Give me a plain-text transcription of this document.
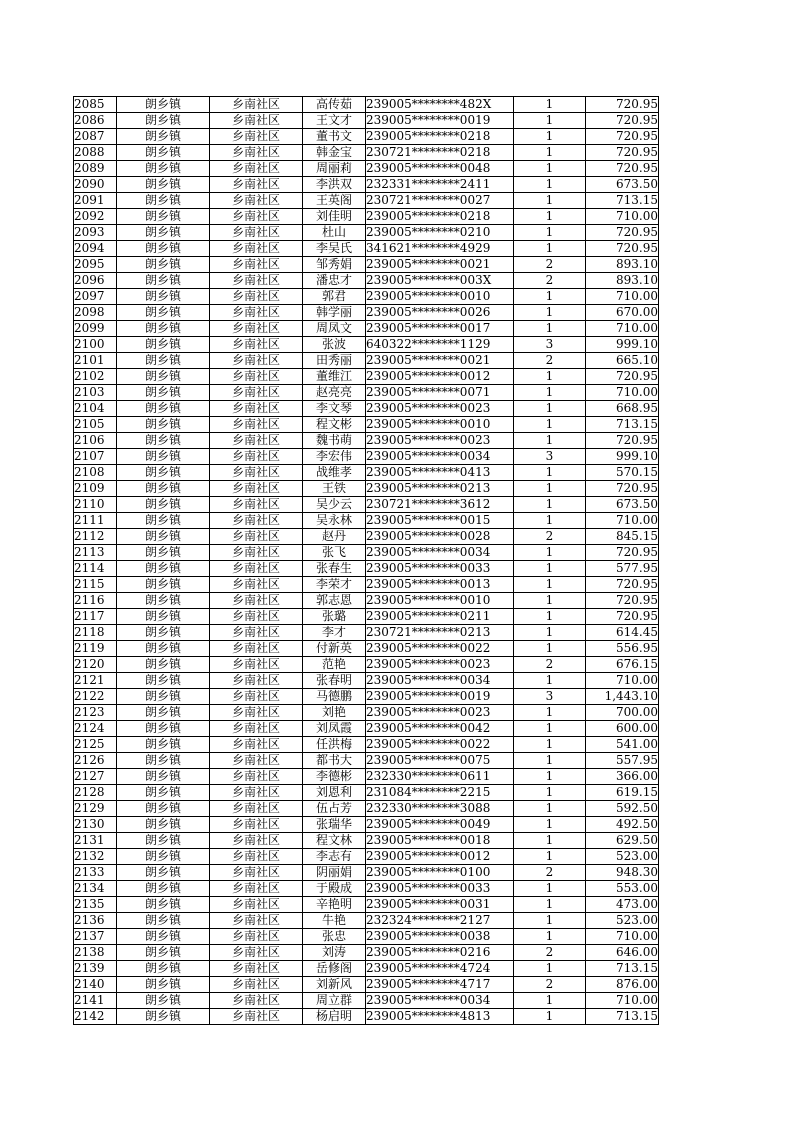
2085	朗乡镇	乡南社区	高传茹	239005********482X	1	720.95
2086	朗乡镇	乡南社区	王文才	239005********0019	1	720.95
2087	朗乡镇	乡南社区	董书文	239005********0218	1	720.95
2088	朗乡镇	乡南社区	韩金宝	230721********0218	1	720.95
2089	朗乡镇	乡南社区	周丽莉	239005********0048	1	720.95
2090	朗乡镇	乡南社区	李洪双	232331********2411	1	673.50
2091	朗乡镇	乡南社区	王英阁	230721********0027	1	713.15
2092	朗乡镇	乡南社区	刘佳明	239005********0218	1	710.00
2093	朗乡镇	乡南社区	杜山	239005********0210	1	720.95
2094	朗乡镇	乡南社区	李吴氏	341621********4929	1	720.95
2095	朗乡镇	乡南社区	邹秀娟	239005********0021	2	893.10
2096	朗乡镇	乡南社区	潘忠才	239005********003X	2	893.10
2097	朗乡镇	乡南社区	郭君	239005********0010	1	710.00
2098	朗乡镇	乡南社区	韩学丽	239005********0026	1	670.00
2099	朗乡镇	乡南社区	周凤文	239005********0017	1	710.00
2100	朗乡镇	乡南社区	张波	640322********1129	3	999.10
2101	朗乡镇	乡南社区	田秀丽	239005********0021	2	665.10
2102	朗乡镇	乡南社区	董维江	239005********0012	1	720.95
2103	朗乡镇	乡南社区	赵亮亮	239005********0071	1	710.00
2104	朗乡镇	乡南社区	李文琴	239005********0023	1	668.95
2105	朗乡镇	乡南社区	程文彬	239005********0010	1	713.15
2106	朗乡镇	乡南社区	魏书萌	239005********0023	1	720.95
2107	朗乡镇	乡南社区	李宏伟	239005********0034	3	999.10
2108	朗乡镇	乡南社区	战维孝	239005********0413	1	570.15
2109	朗乡镇	乡南社区	王铁	239005********0213	1	720.95
2110	朗乡镇	乡南社区	吴少云	230721********3612	1	673.50
2111	朗乡镇	乡南社区	吴永林	239005********0015	1	710.00
2112	朗乡镇	乡南社区	赵丹	239005********0028	2	845.15
2113	朗乡镇	乡南社区	张飞	239005********0034	1	720.95
2114	朗乡镇	乡南社区	张春生	239005********0033	1	577.95
2115	朗乡镇	乡南社区	李荣才	239005********0013	1	720.95
2116	朗乡镇	乡南社区	郭志恩	239005********0010	1	720.95
2117	朗乡镇	乡南社区	张璐	239005********0211	1	720.95
2118	朗乡镇	乡南社区	李才	230721********0213	1	614.45
2119	朗乡镇	乡南社区	付新英	239005********0022	1	556.95
2120	朗乡镇	乡南社区	范艳	239005********0023	2	676.15
2121	朗乡镇	乡南社区	张春明	239005********0034	1	710.00
2122	朗乡镇	乡南社区	马德鹏	239005********0019	3	1,443.10
2123	朗乡镇	乡南社区	刘艳	239005********0023	1	700.00
2124	朗乡镇	乡南社区	刘凤霞	239005********0042	1	600.00
2125	朗乡镇	乡南社区	任洪梅	239005********0022	1	541.00
2126	朗乡镇	乡南社区	都书大	239005********0075	1	557.95
2127	朗乡镇	乡南社区	李德彬	232330********0611	1	366.00
2128	朗乡镇	乡南社区	刘恩利	231084********2215	1	619.15
2129	朗乡镇	乡南社区	伍占芳	232330********3088	1	592.50
2130	朗乡镇	乡南社区	张瑞华	239005********0049	1	492.50
2131	朗乡镇	乡南社区	程文林	239005********0018	1	629.50
2132	朗乡镇	乡南社区	李志有	239005********0012	1	523.00
2133	朗乡镇	乡南社区	阴丽娟	239005********0100	2	948.30
2134	朗乡镇	乡南社区	于殿成	239005********0033	1	553.00
2135	朗乡镇	乡南社区	辛艳明	239005********0031	1	473.00
2136	朗乡镇	乡南社区	牛艳	232324********2127	1	523.00
2137	朗乡镇	乡南社区	张忠	239005********0038	1	710.00
2138	朗乡镇	乡南社区	刘涛	239005********0216	2	646.00
2139	朗乡镇	乡南社区	岳修阁	239005********4724	1	713.15
2140	朗乡镇	乡南社区	刘新风	239005********4717	2	876.00
2141	朗乡镇	乡南社区	周立群	239005********0034	1	710.00
2142	朗乡镇	乡南社区	杨启明	239005********4813	1	713.15
